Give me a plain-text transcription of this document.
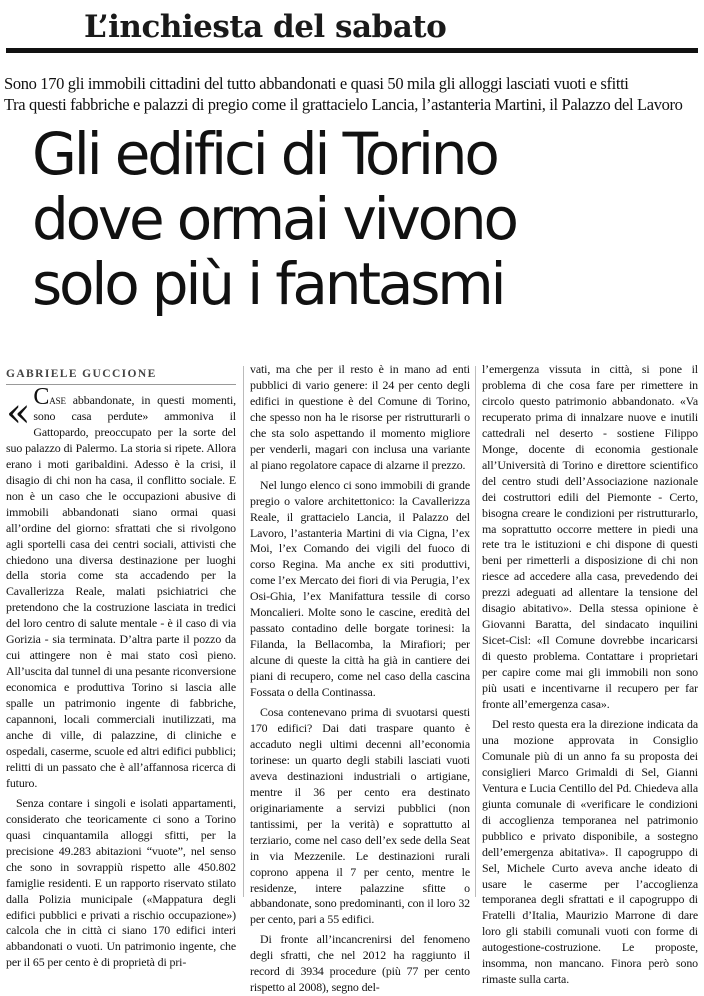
L’inchiesta del sabato
Sono 170 gli immobili cittadini del tutto abbandonati e quasi 50 mila gli alloggi lasciati vuoti e sfitti
Tra questi fabbriche e palazzi di pregio come il grattacielo Lancia, l’astanteria Martini, il Palazzo del Lavoro
Gli edifici di Torino
dove ormai vivono
solo più i fantasmi
GABRIELE GUCCIONE

« Case abbandonate, in questi momenti, sono casa perdute» ammoniva il Gattopardo, preoccupato per la sorte del suo palazzo di Palermo. La storia si ripete. Allora erano i moti garibaldini. Adesso è la crisi, il disagio di chi non ha casa, il conflitto sociale. E non è un caso che le occupazioni abusive di immobili abbandonati siano ormai quasi all’ordine del giorno: sfrattati che si rivolgono agli sportelli casa dei centri sociali, attivisti che chiedono una diversa destinazione per luoghi della storia come sta accadendo per la Cavallerizza Reale, malati psichiatrici che pretendono che la costruzione lasciata in tredici del loro centro di salute mentale - è il caso di via Gorizia - sia terminata. D’altra parte il pozzo da cui attingere non è mai stato così pieno. All’uscita dal tunnel di una pesante riconversione economica e produttiva Torino si lascia alle spalle un patrimonio ingente di fabbriche, capannoni, locali commerciali inutilizzati, ma anche di ville, di palazzine, di cliniche e ospedali, caserme, scuole ed altri edifici pubblici; relitti di un passato che è all’affannosa ricerca di futuro.

Senza contare i singoli e isolati appartamenti, considerato che teoricamente ci sono a Torino quasi cinquantamila alloggi sfitti, per la precisione 49.283 abitazioni “vuote”, nel senso che sono in sovrappiù rispetto alle 450.802 famiglie residenti. E un rapporto riservato stilato dalla Polizia municipale («Mappatura degli edifici pubblici e privati a rischio occupazione») calcola che in città ci siano 170 edifici interi abbandonati o vuoti. Un patrimonio ingente, che per il 65 per cento è di proprietà di pri-

vati, ma che per il resto è in mano ad enti pubblici di vario genere: il 24 per cento degli edifici in questione è del Comune di Torino, che spesso non ha le risorse per ristrutturarli o che sta solo aspettando il momento migliore per venderli, magari con inclusa una variante al piano regolatore capace di alzarne il prezzo.

Nel lungo elenco ci sono immobili di grande pregio o valore architettonico: la Cavallerizza Reale, il grattacielo Lancia, il Palazzo del Lavoro, l’astanteria Martini di via Cigna, l’ex Moi, l’ex Comando dei vigili del fuoco di corso Regina. Ma anche ex siti produttivi, come l’ex Mercato dei fiori di via Perugia, l’ex Osi-Ghia, l’ex Manifattura tessile di corso Moncalieri. Molte sono le cascine, eredità del passato contadino delle borgate torinesi: la Filanda, la Bellacomba, la Mirafiori; per alcune di queste la città ha già in cantiere dei piani di recupero, come nel caso della cascina Fossata o della Continassa.

Cosa contenevano prima di svuotarsi questi 170 edifici? Dai dati traspare quanto è accaduto negli ultimi decenni all’economia torinese: un quarto degli stabili lasciati vuoti aveva destinazioni industriali o artigiane, mentre il 36 per cento era destinato originariamente a servizi pubblici (non tantissimi, per la verità) e soprattutto al terziario, come nel caso dell’ex sede della Seat in via Mezzenile. Le destinazioni rurali coprono appena il 7 per cento, mentre le residenze, intere palazzine sfitte o abbandonate, sono predominanti, con il loro 32 per cento, pari a 55 edifici.

Di fronte all’incancrenirsi del fenomeno degli sfratti, che nel 2012 ha raggiunto il record di 3934 procedure (più 77 per cento rispetto al 2008), segno del-

l’emergenza vissuta in città, si pone il problema di che cosa fare per rimettere in circolo questo patrimonio abbandonato. «Va recuperato prima di innalzare nuove e inutili cattedrali nel deserto - sostiene Filippo Monge, docente di economia gestionale all’Università di Torino e direttore scientifico del centro studi dell’Associazione nazionale dei costruttori edili del Piemonte - Certo, bisogna creare le condizioni per ristrutturarlo, ma soprattutto occorre mettere in piedi una rete tra le istituzioni e chi dispone di questi beni per rimetterli a disposizione di chi non riesce ad accedere alla casa, prevedendo dei prezzi adeguati ad allentare la tensione del disagio abitativo». Della stessa opinione è Giovanni Baratta, del sindacato inquilini Sicet-Cisl: «Il Comune dovrebbe incaricarsi di questo problema. Contattare i proprietari per capire come mai gli immobili non sono più usati e incentivarne il recupero per far fronte all’emergenza casa».

Del resto questa era la direzione indicata da una mozione approvata in Consiglio Comunale più di un anno fa su proposta dei consiglieri Marco Grimaldi di Sel, Gianni Ventura e Lucia Centillo del Pd. Chiedeva alla giunta comunale di «verificare le condizioni di accoglienza temporanea nel patrimonio pubblico e privato disponibile, a sostegno dell’emergenza abitativa». Il capogruppo di Sel, Michele Curto aveva anche ideato di usare le caserme per l’accoglienza temporanea degli sfrattati e il capogruppo di Fratelli d’Italia, Maurizio Marrone di dare loro gli stabili comunali vuoti con forme di autogestione-costruzione. Le proposte, insomma, non mancano. Finora però sono rimaste sulla carta.
